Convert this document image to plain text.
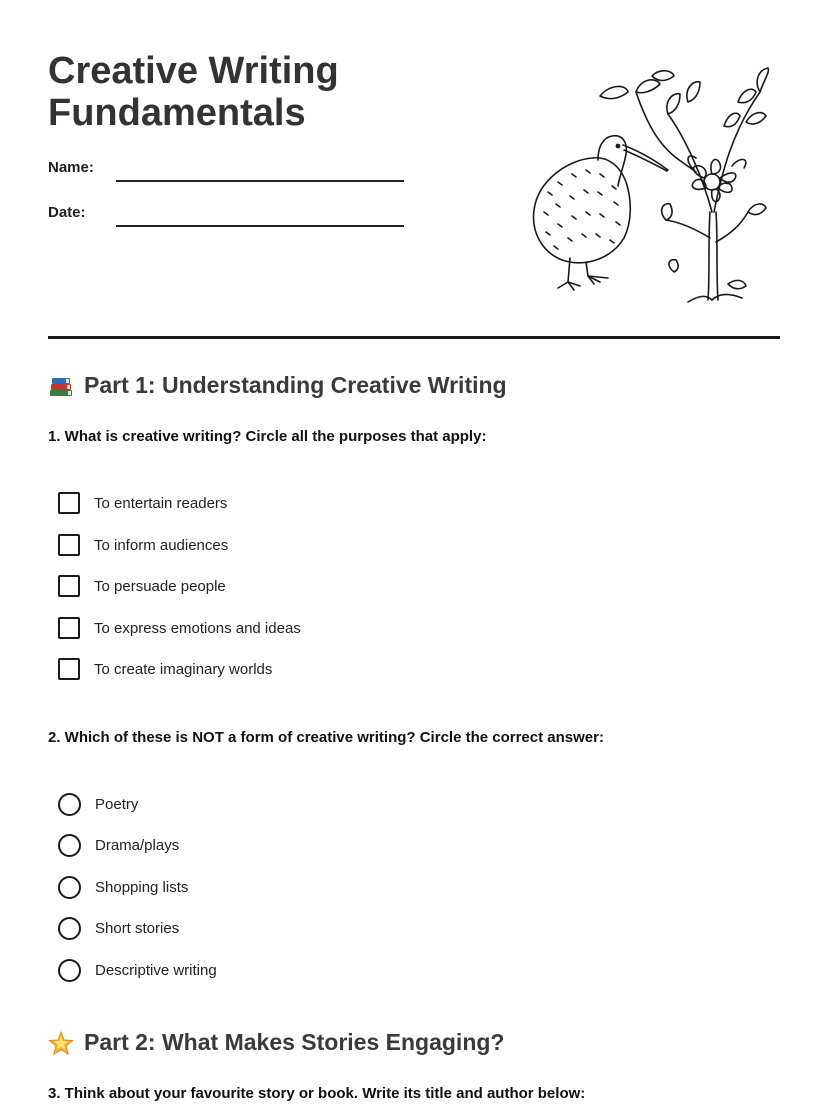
Creative Writing
Fundamentals
Name:
Date:
Part 1: Understanding Creative Writing
1. What is creative writing? Circle all the purposes that apply:
To entertain readers
To inform audiences
To persuade people
To express emotions and ideas
To create imaginary worlds
2. Which of these is NOT a form of creative writing? Circle the correct answer:
Poetry
Drama/plays
Shopping lists
Short stories
Descriptive writing
Part 2: What Makes Stories Engaging?
3. Think about your favourite story or book. Write its title and author below:
